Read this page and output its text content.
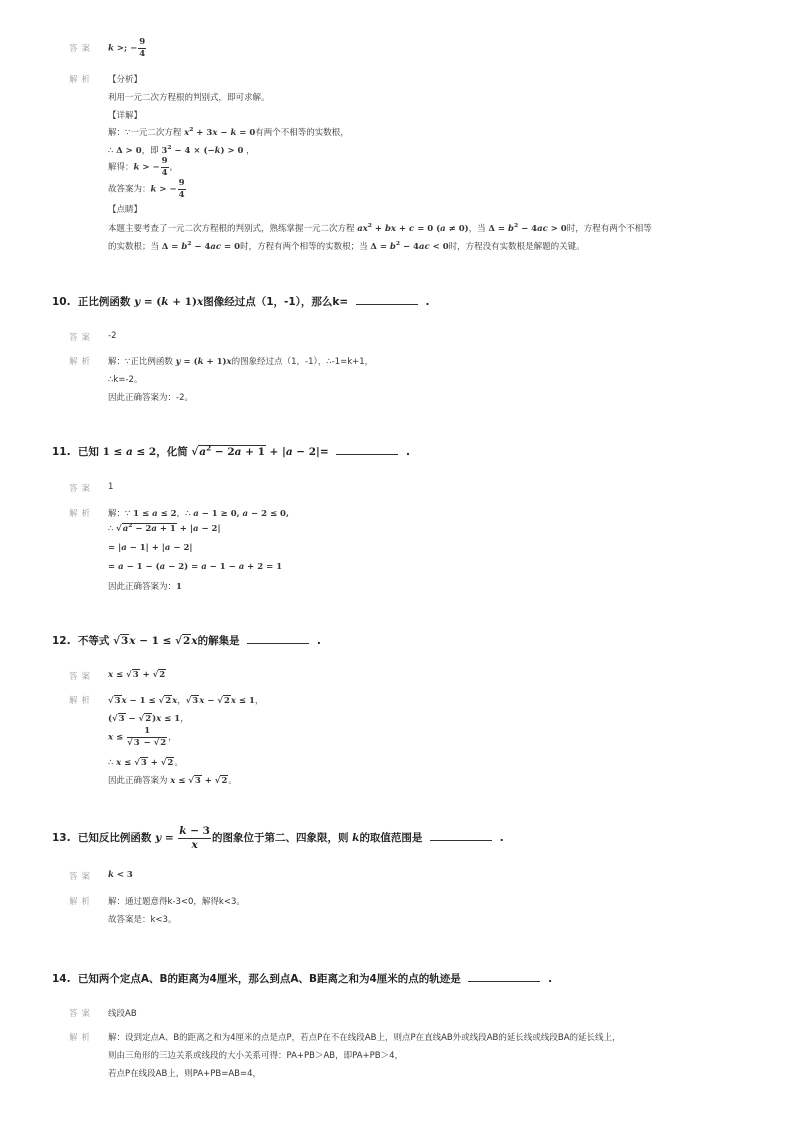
答案 k >; − $\frac{9}{4}$
解析 【分析】
利用一元二次方程根的判别式，即可求解。
【详解】
解：∵一元二次方程 $x^2 + 3x - k = 0$有两个不相等的实数根，
∴ Δ > 0，即 $3^2 - 4 \times (-k) > 0$ ，
解得：k > − $\frac{9}{4}$ ，
故答案为：k > − $\frac{9}{4}$
【点睛】
本题主要考查了一元二次方程根的判别式，熟练掌握一元二次方程 $ax^2$ + bx + c = 0 (a ≠ 0)，当 $\Delta = b^2 - 4ac > 0$时，方程有两个不相等
的实数根；当 $\Delta = b^2 - 4ac = 0$时，方程有两个相等的实数根；当 $\Delta = b^2 - 4ac < 0$时，方程没有实数根是解题的关键。
10.  正比例函数 y = (k + 1)x图像经过点（1，-1），那么k=	.
答案 -2
解析 解：∵正比例函数 y = (k + 1)x的图象经过点（1，-1），∴-1=k+1，
∴k=-2。
因此正确答案为：-2。
11.  已知 1 ≤ a ≤ 2，化简 $√a^2 - 2a + 1 + |a - 2|=$	.
答案 1
解析 解：∵ 1 ≤ a ≤ 2，∴ a − 1 ≥ 0, a − 2 ≤ 0,
∴ $√a^2 - 2a + 1 + |a - 2|$
= |a − 1| + |a − 2|
= a − 1 − (a − 2) = a − 1 − a + 2 = 1
因此正确答案为：1
12.  不等式 √3x − 1 ≤ √2x的解集是	.
答案 x ≤ √3 + √2
解析 √3x − 1 ≤ √2x，√3x − √2x ≤ 1，
(√3 − √2)x ≤ 1，
$x \le \frac{1}{√3 - √2}$ ，
∴ x ≤ √3 + √2。
因此正确答案为 x ≤ √3 + √2。
13.  已知反比例函数 $y = \frac{k - 3}{x}$ 的图象位于第二、四象限，则 k的取值范围是	.
答案 k < 3
解析 解：通过题意得k-3<0，解得k<3。
故答案是：k<3。
14.  已知两个定点A、B的距离为4厘米，那么到点A、B距离之和为4厘米的点的轨迹是	.
答案 线段AB
解析 解：设到定点A、B的距离之和为4厘米的点是点P，若点P在不在线段AB上，则点P在直线AB外或线段AB的延长线或线段BA的延长线上，
则由三角形的三边关系或线段的大小关系可得：PA+PB＞AB，即PA+PB＞4，
若点P在线段AB上，则PA+PB=AB=4，
